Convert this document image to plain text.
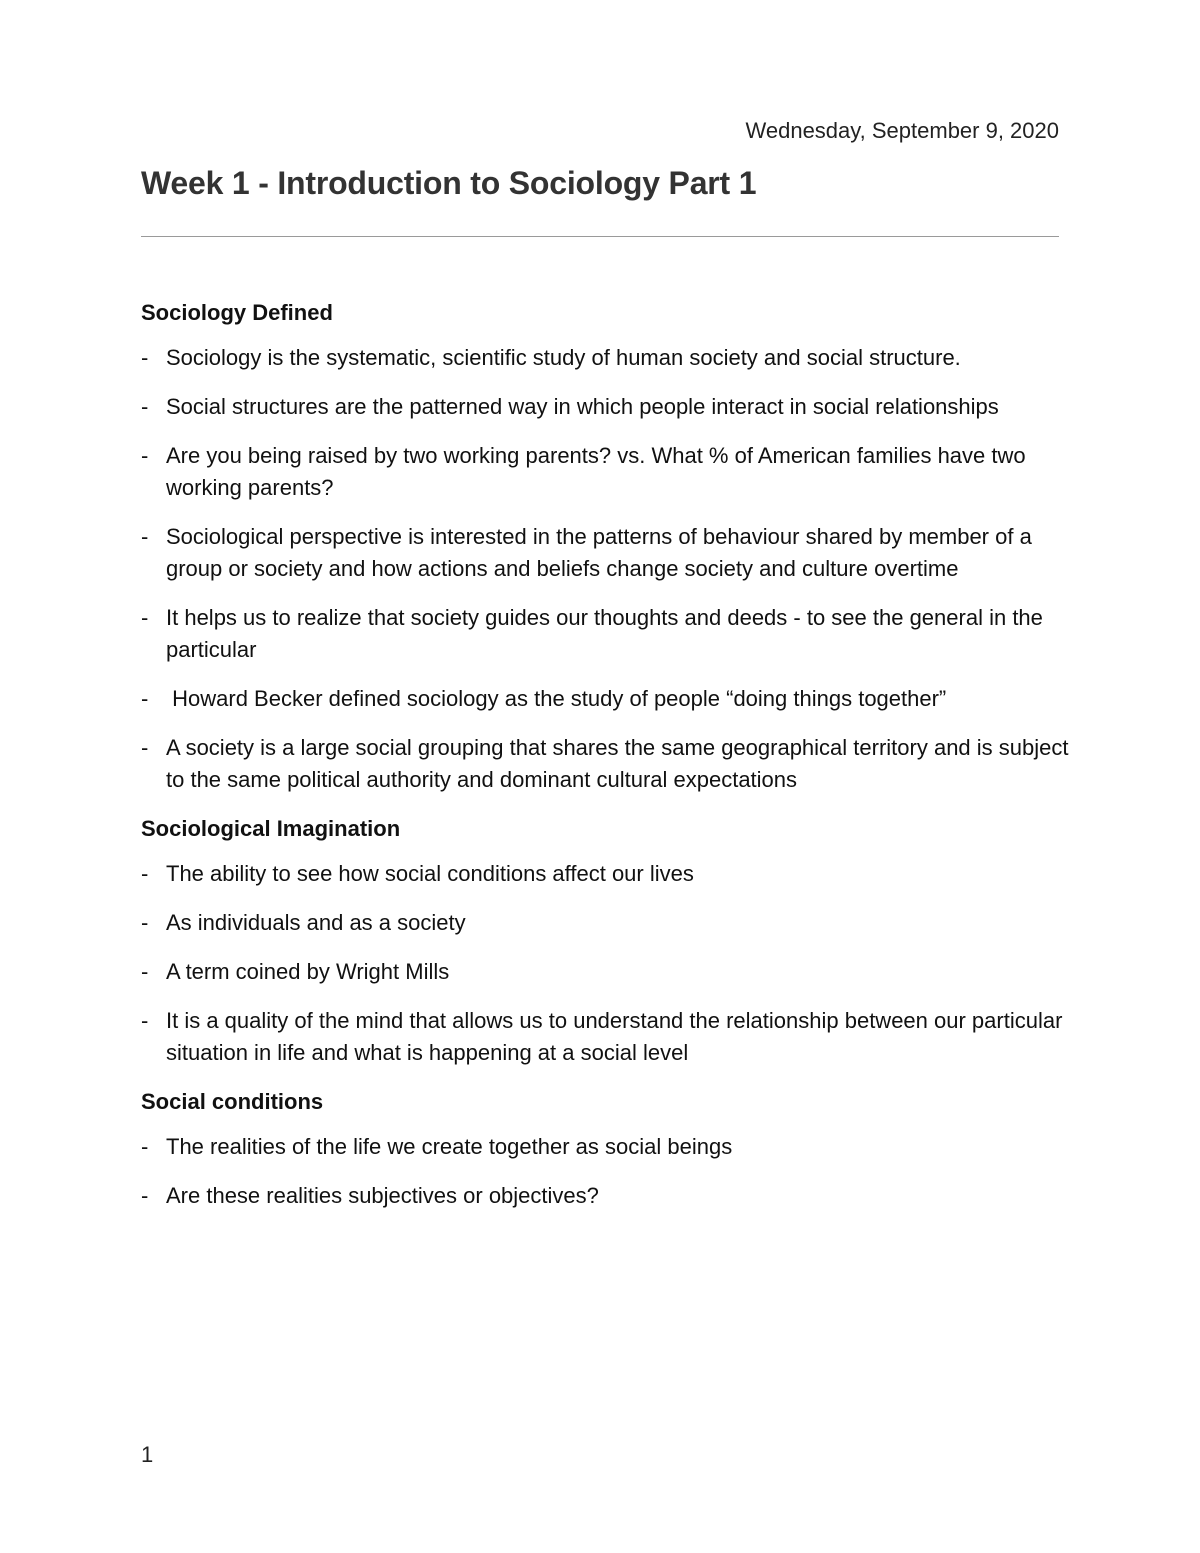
Wednesday, September 9, 2020
Week 1 - Introduction to Sociology Part 1
Sociology Defined
- Sociology is the systematic, scientific study of human society and social structure.
- Social structures are the patterned way in which people interact in social relationships
- Are you being raised by two working parents? vs. What % of American families have two working parents?
- Sociological perspective is interested in the patterns of behaviour shared by member of a group or society and how actions and beliefs change society and culture overtime
- It helps us to realize that society guides our thoughts and deeds - to see the general in the particular
- Howard Becker defined sociology as the study of people “doing things together”
- A society is a large social grouping that shares the same geographical territory and is subject to the same political authority and dominant cultural expectations
Sociological Imagination
- The ability to see how social conditions affect our lives
- As individuals and as a society
- A term coined by Wright Mills
- It is a quality of the mind that allows us to understand the relationship between our particular situation in life and what is happening at a social level
Social conditions
- The realities of the life we create together as social beings
- Are these realities subjectives or objectives?
1
